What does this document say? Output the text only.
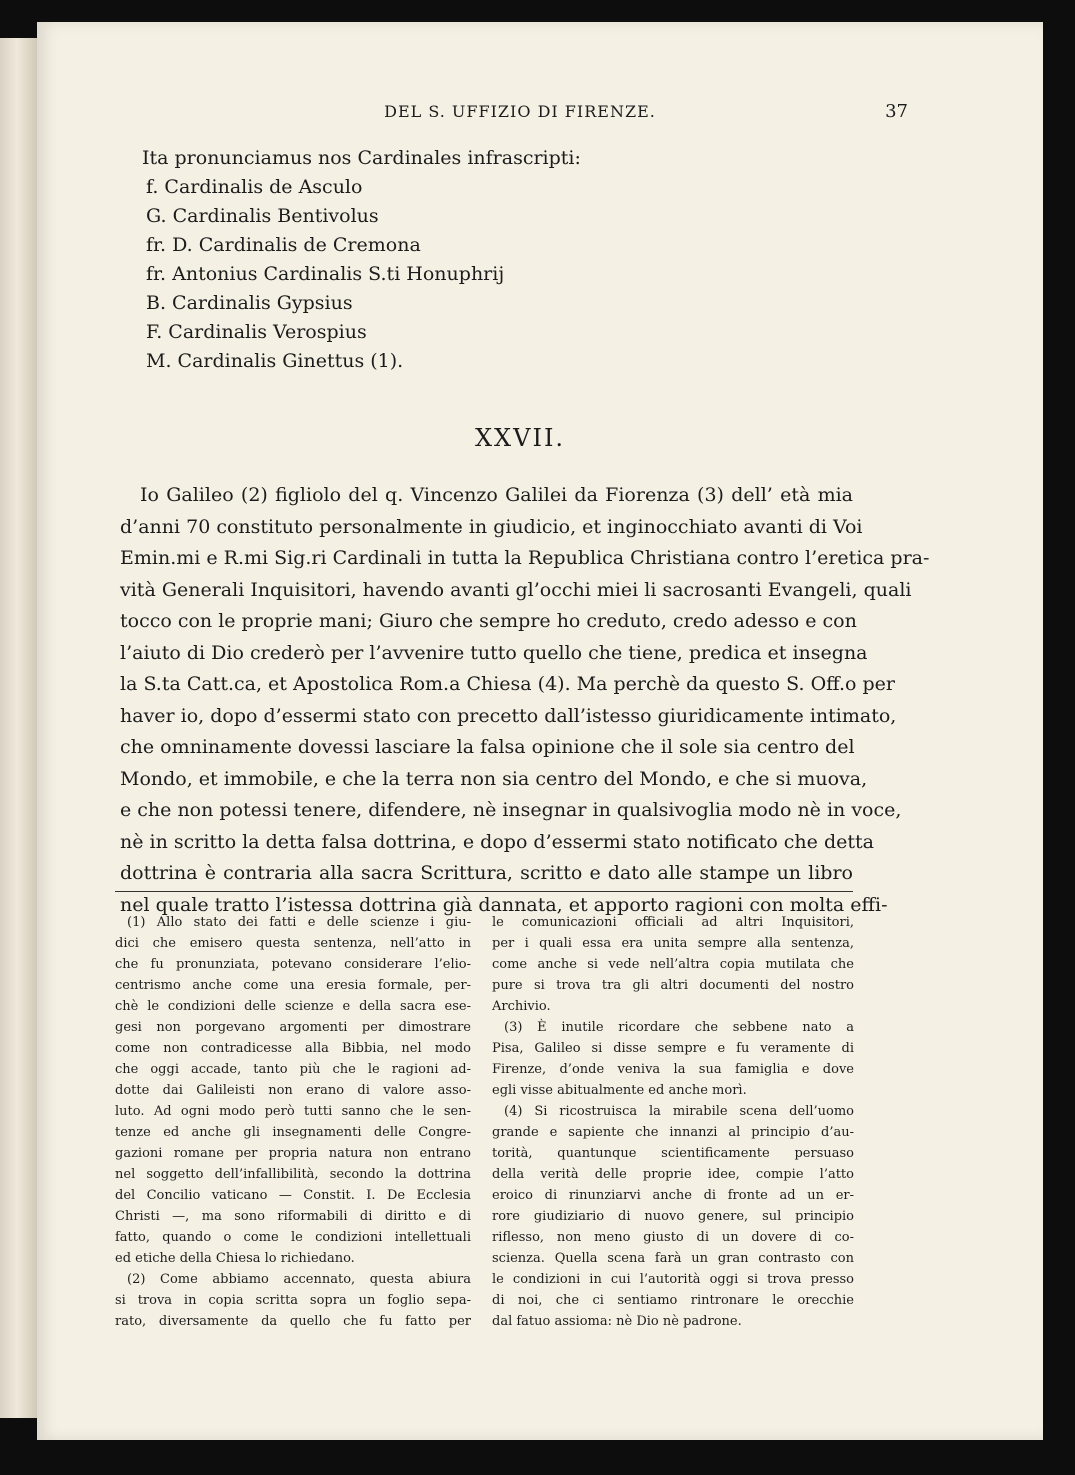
DEL S. UFFIZIO DI FIRENZE.	37
Ita pronunciamus nos Cardinales infrascripti:
f. Cardinalis de Asculo
G. Cardinalis Bentivolus
fr. D. Cardinalis de Cremona
fr. Antonius Cardinalis S.ti Honuphrij
B. Cardinalis Gypsius
F. Cardinalis Verospius
M. Cardinalis Ginettus (1).
XXVII.
Io Galileo (2) figliolo del q. Vincenzo Galilei da Fiorenza (3) dell’ età mia
d’anni 70 constituto personalmente in giudicio, et inginocchiato avanti di Voi
Emin.mi e R.mi Sig.ri Cardinali in tutta la Republica Christiana contro l’eretica pra-
vità Generali Inquisitori, havendo avanti gl’occhi miei li sacrosanti Evangeli, quali
tocco con le proprie mani; Giuro che sempre ho creduto, credo adesso e con
l’aiuto di Dio crederò per l’avvenire tutto quello che tiene, predica et insegna
la S.ta Catt.ca, et Apostolica Rom.a Chiesa (4). Ma perchè da questo S. Off.o per
haver io, dopo d’essermi stato con precetto dall’istesso giuridicamente intimato,
che omninamente dovessi lasciare la falsa opinione che il sole sia centro del
Mondo, et immobile, e che la terra non sia centro del Mondo, e che si muova,
e che non potessi tenere, difendere, nè insegnar in qualsivoglia modo nè in voce,
nè in scritto la detta falsa dottrina, e dopo d’essermi stato notificato che detta
dottrina è contraria alla sacra Scrittura, scritto e dato alle stampe un libro
nel quale tratto l’istessa dottrina già dannata, et apporto ragioni con molta effi-
(1) Allo stato dei fatti e delle scienze i giu-
dici che emisero questa sentenza, nell’atto in
che fu pronunziata, potevano considerare l’elio-
centrismo anche come una eresia formale, per-
chè le condizioni delle scienze e della sacra ese-
gesi non porgevano argomenti per dimostrare
come non contradicesse alla Bibbia, nel modo
che oggi accade, tanto più che le ragioni ad-
dotte dai Galileisti non erano di valore asso-
luto. Ad ogni modo però tutti sanno che le sen-
tenze ed anche gli insegnamenti delle Congre-
gazioni romane per propria natura non entrano
nel soggetto dell’infallibilità, secondo la dottrina
del Concilio vaticano — Constit. I. De Ecclesia
Christi —, ma sono riformabili di diritto e di
fatto, quando o come le condizioni intellettuali
ed etiche della Chiesa lo richiedano.
(2) Come abbiamo accennato, questa abiura
si trova in copia scritta sopra un foglio sepa-
rato, diversamente da quello che fu fatto per
le comunicazioni officiali ad altri Inquisitori,
per i quali essa era unita sempre alla sentenza,
come anche si vede nell’altra copia mutilata che
pure si trova tra gli altri documenti del nostro
Archivio.
(3) È inutile ricordare che sebbene nato a
Pisa, Galileo si disse sempre e fu veramente di
Firenze, d’onde veniva la sua famiglia e dove
egli visse abitualmente ed anche morì.
(4) Si ricostruisca la mirabile scena dell’uomo
grande e sapiente che innanzi al principio d’au-
torità, quantunque scientificamente persuaso
della verità delle proprie idee, compie l’atto
eroico di rinunziarvi anche di fronte ad un er-
rore giudiziario di nuovo genere, sul principio
riflesso, non meno giusto di un dovere di co-
scienza. Quella scena farà un gran contrasto con
le condizioni in cui l’autorità oggi si trova presso
di noi, che ci sentiamo rintronare le orecchie
dal fatuo assioma: nè Dio nè padrone.
